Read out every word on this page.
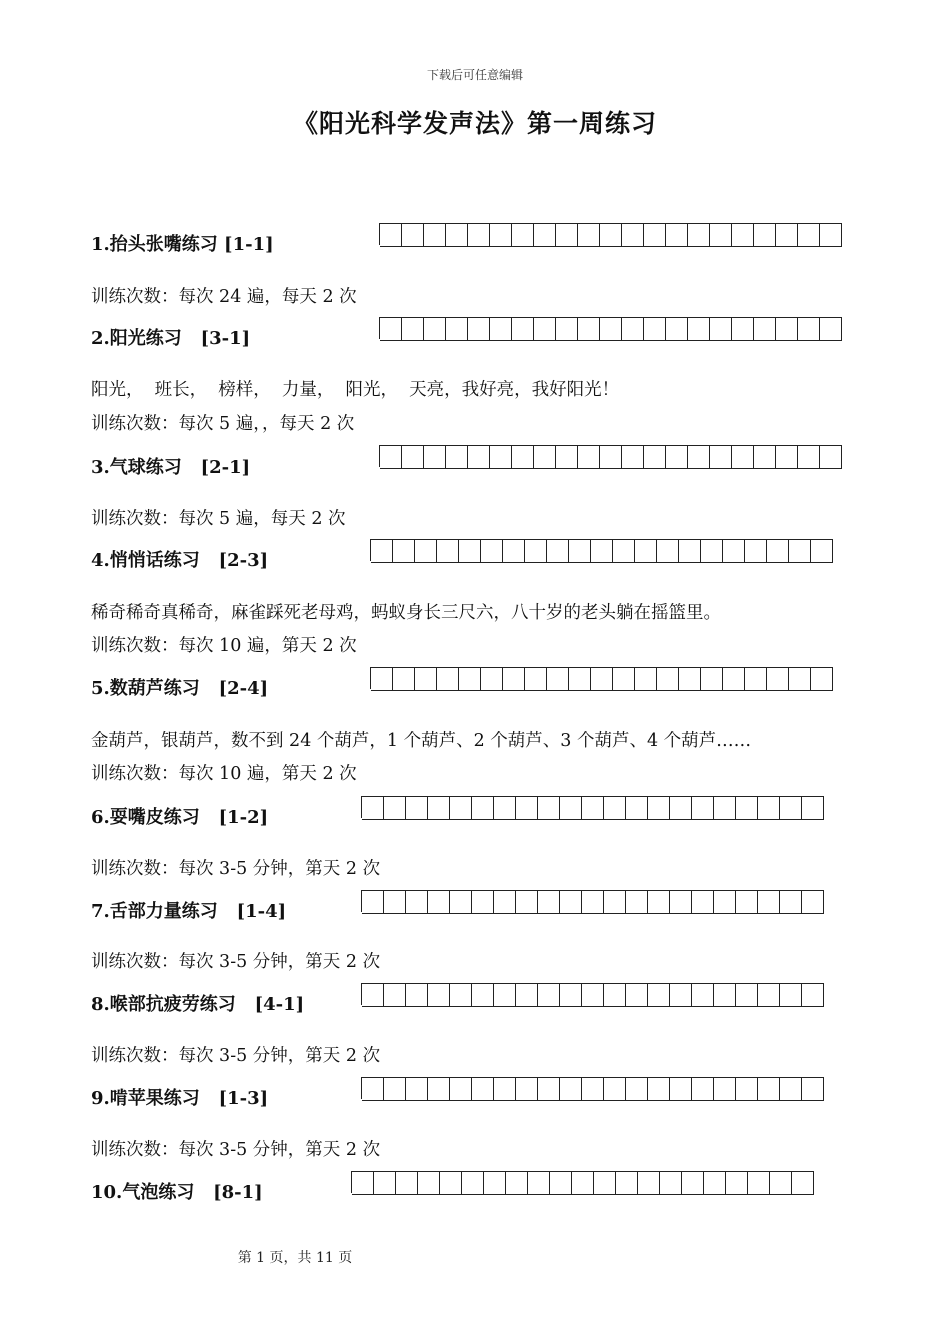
下载后可任意编辑
《阳光科学发声法》第一周练习
1.抬头张嘴练习 [1-1]
训练次数：每次 24 遍，每天 2 次
2.阳光练习   [3-1]
阳光，  班长，  榜样，  力量，  阳光，  天亮，我好亮，我好阳光！
训练次数：每次 5 遍，，每天 2 次
3.气球练习   [2-1]
训练次数：每次 5 遍，每天 2 次
4.悄悄话练习   [2-3]
稀奇稀奇真稀奇，麻雀踩死老母鸡，蚂蚁身长三尺六，八十岁的老头躺在摇篮里。
训练次数：每次 10 遍，第天 2 次
5.数葫芦练习   [2-4]
金葫芦，银葫芦，数不到 24 个葫芦，1 个葫芦、2 个葫芦、3 个葫芦、4 个葫芦……
训练次数：每次 10 遍，第天 2 次
6.耍嘴皮练习   [1-2]
训练次数：每次 3-5 分钟，第天 2 次
7.舌部力量练习   [1-4]
训练次数：每次 3-5 分钟，第天 2 次
8.喉部抗疲劳练习   [4-1]
训练次数：每次 3-5 分钟，第天 2 次
9.啃苹果练习   [1-3]
训练次数：每次 3-5 分钟，第天 2 次
10.气泡练习   [8-1]
第 1 页，共 11 页
